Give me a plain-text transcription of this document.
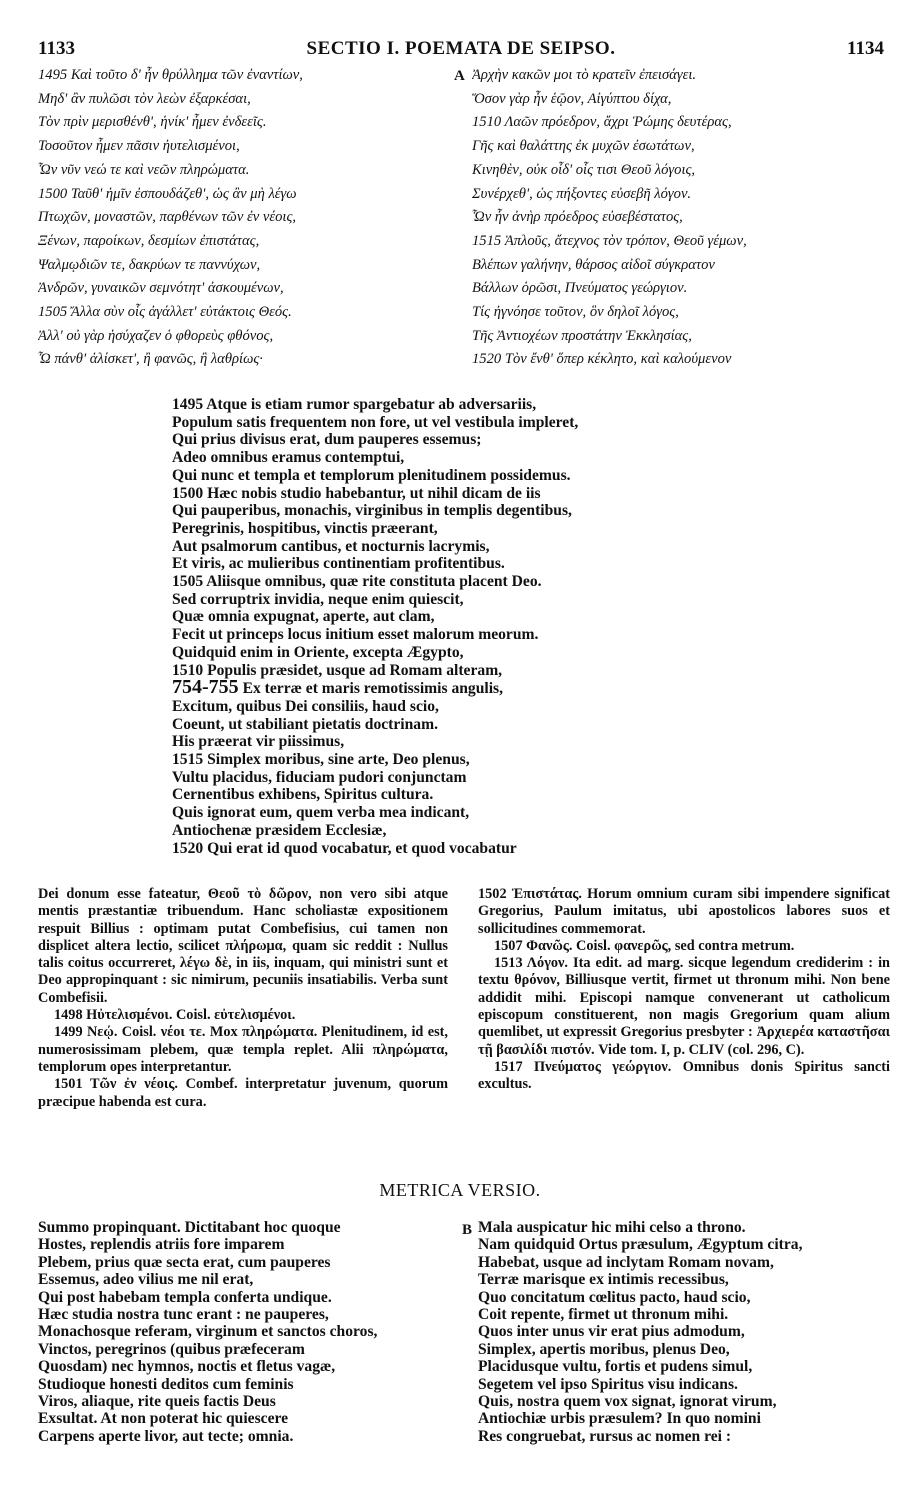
1133	SECTIO I. POEMATA DE SEIPSO.	1134
1495 Καὶ τοῦτο δ' ἦν θρύλλημα τῶν ἐναντίων,
Μηδ' ἂν πυλῶσι τὸν λεὼν ἐξαρκέσαι,
Τὸν πρὶν μερισθένθ', ἡνίκ' ἦμεν ἐνδεεῖς.
Τοσοῦτον ἦμεν πᾶσιν ἠυτελισμένοι,
Ὧν νῦν νεώ τε καὶ νεῶν πληρώματα.
1500 Ταῦθ' ἡμῖν ἐσπουδάζεθ', ὡς ἂν μὴ λέγω
Πτωχῶν, μοναστῶν, παρθένων τῶν ἐν νέοις,
Ξένων, παροίκων, δεσμίων ἐπιστάτας,
Ψαλμῳδιῶν τε, δακρύων τε παννύχων,
Ἀνδρῶν, γυναικῶν σεμνότητ' ἀσκουμένων,
1505 Ἄλλα σὺν οἷς ἀγάλλετ' εὐτάκτοις Θεός.
Ἀλλ' οὐ γὰρ ἡσύχαζεν ὁ φθορεὺς φθόνος,
Ὦ πάνθ' ἁλίσκετ', ἢ φανῶς, ἢ λαθρίως·
A Ἀρχὴν κακῶν μοι τὸ κρατεῖν ἐπεισάγει.
Ὅσον γὰρ ἦν ἑῷον, Αἰγύπτου δίχα,
1510 Λαῶν πρόεδρον, ἄχρι Ῥώμης δευτέρας,
Γῆς καὶ θαλάττης ἐκ μυχῶν ἐσωτάτων,
Κινηθὲν, οὐκ οἶδ' οἷς τισι Θεοῦ λόγοις,
Συνέρχεθ', ὡς πήξοντες εὐσεβῆ λόγον.
Ὧν ἦν ἀνὴρ πρόεδρος εὐσεβέστατος,
1515 Ἁπλοῦς, ἄτεχνος τὸν τρόπον, Θεοῦ γέμων,
Βλέπων γαλήνην, θάρσος αἰδοῖ σύγκρατον
Βάλλων ὁρῶσι, Πνεύματος γεώργιον.
Τίς ἠγνόησε τοῦτον, ὃν δηλοῖ λόγος,
Τῆς Ἀντιοχέων προστάτην Ἐκκλησίας,
1520 Τὸν ἔνθ' ὅπερ κέκλητο, καὶ καλούμενον
1495 Atque is etiam rumor spargebatur ab adversariis,
Populum satis frequentem non fore, ut vel vestibula impleret,
Qui prius divisus erat, dum pauperes essemus;
Adeo omnibus eramus contemptui,
Qui nunc et templa et templorum plenitudinem possidemus.
1500 Hæc nobis studio habebantur, ut nihil dicam de iis
Qui pauperibus, monachis, virginibus in templis degentibus,
Peregrinis, hospitibus, vinctis præerant,
Aut psalmorum cantibus, et nocturnis lacrymis,
Et viris, ac mulieribus continentiam profitentibus.
1505 Aliisque omnibus, quæ rite constituta placent Deo.
Sed corruptrix invidia, neque enim quiescit,
Quæ omnia expugnat, aperte, aut clam,
Fecit ut princeps locus initium esset malorum meorum.
Quidquid enim in Oriente, excepta Ægypto,
1510 Populis præsidet, usque ad Romam alteram,
754-755 Ex terræ et maris remotissimis angulis,
Excitum, quibus Dei consiliis, haud scio,
Coeunt, ut stabiliant pietatis doctrinam.
His præerat vir piissimus,
1515 Simplex moribus, sine arte, Deo plenus,
Vultu placidus, fiduciam pudori conjunctam
Cernentibus exhibens, Spiritus cultura.
Quis ignorat eum, quem verba mea indicant,
Antiochenæ præsidem Ecclesiæ,
1520 Qui erat id quod vocabatur, et quod vocabatur

Dei donum esse fateatur, Θεοῦ τὸ δῶρον, non vero sibi atque mentis præstantiæ tribuendum. Hanc scholiastæ expositionem respuit Billius : optimam putat Combefisius, cui tamen non displicet altera lectio, scilicet πλήρωμα, quam sic reddit : Nullus talis coitus occurreret, λέγω δὲ, in iis, inquam, qui ministri sunt et Deo appropinquant : sic nimirum, pecuniis insatiabilis. Verba sunt Combefisii.

1498 Ηὐτελισμένοι. Coisl. εὐτελισμένοι.

1499 Νεῴ. Coisl. νέοι τε. Mox πληρώματα. Plenitudinem, id est, numerosissimam plebem, quæ templa replet. Alii πληρώματα, templorum opes interpretantur.

1501 Τῶν ἐν νέοις. Combef. interpretatur juvenum, quorum præcipue habenda est cura.

1502 Ἐπιστάτας. Horum omnium curam sibi impendere significat Gregorius, Paulum imitatus, ubi apostolicos labores suos et sollicitudines commemorat.

1507 Φανῶς. Coisl. φανερῶς, sed contra metrum.

1513 Λόγον. Ita edit. ad marg. sicque legendum crediderim : in textu θρόνον, Billiusque vertit, firmet ut thronum mihi. Non bene addidit mihi. Episcopi namque convenerant ut catholicum episcopum constituerent, non magis Gregorium quam alium quemlibet, ut expressit Gregorius presbyter : Ἀρχιερέα καταστῆσαι τῇ βασιλίδι πιστόν. Vide tom. I, p. CLIV (col. 296, C).

1517 Πνεύματος γεώργιον. Omnibus donis Spiritus sancti excultus.

METRICA VERSIO.
Summo propinquant. Dictitabant hoc quoque
Hostes, replendis atriis fore imparem
Plebem, prius quæ secta erat, cum pauperes
Essemus, adeo vilius me nil erat,
Qui post habebam templa conferta undique.
Hæc studia nostra tunc erant : ne pauperes,
Monachosque referam, virginum et sanctos choros,
Vinctos, peregrinos (quibus præfeceram
Quosdam) nec hymnos, noctis et fletus vagæ,
Studioque honesti deditos cum feminis
Viros, aliaque, rite queis factis Deus
Exsultat. At non poterat hic quiescere
Carpens aperte livor, aut tecte; omnia.
B Mala auspicatur hic mihi celso a throno.
Nam quidquid Ortus præsulum, Ægyptum citra,
Habebat, usque ad inclytam Romam novam,
Terræ marisque ex intimis recessibus,
Quo concitatum cœlitus pacto, haud scio,
Coit repente, firmet ut thronum mihi.
Quos inter unus vir erat pius admodum,
Simplex, apertis moribus, plenus Deo,
Placidusque vultu, fortis et pudens simul,
Segetem vel ipso Spiritus visu indicans.
Quis, nostra quem vox signat, ignorat virum,
Antiochiæ urbis præsulem? In quo nomini
Res congruebat, rursus ac nomen rei :
